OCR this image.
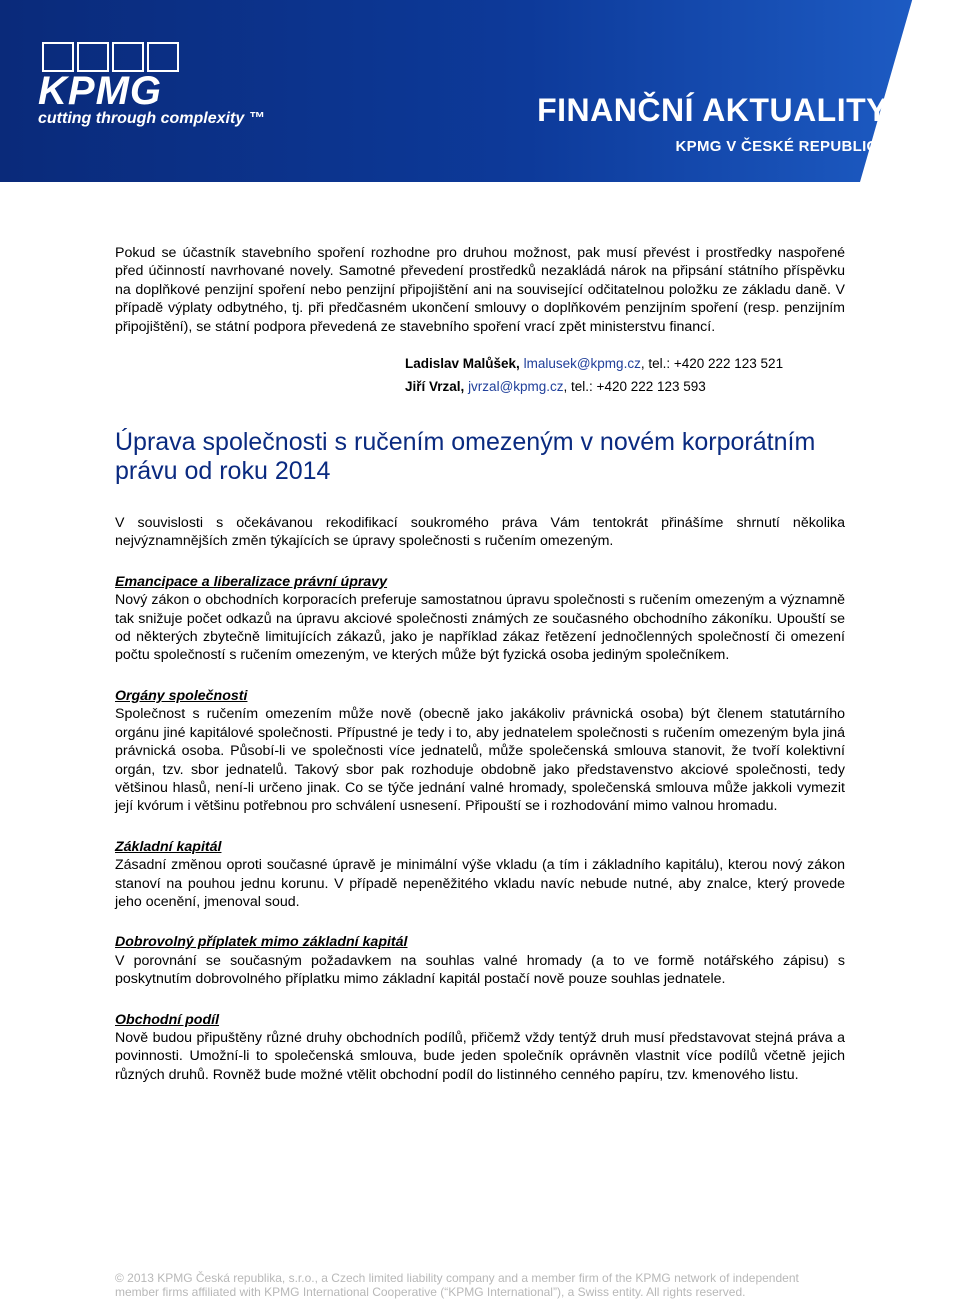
KPMG
cutting through complexity ™	FINANČNÍ AKTUALITY
KPMG V ČESKÉ REPUBLICE

Pokud se účastník stavebního spoření rozhodne pro druhou možnost, pak musí převést i prostředky naspořené před účinností navrhované novely. Samotné převedení prostředků nezakládá nárok na připsání státního příspěvku na doplňkové penzijní spoření nebo penzijní připojištění ani na související odčitatelnou položku ze základu daně. V případě výplaty odbytného, tj. při předčasném ukončení smlouvy o doplňkovém penzijním spoření (resp. penzijním připojištění), se státní podpora převedená ze stavebního spoření vrací zpět ministerstvu financí.

Ladislav Malůšek, lmalusek@kpmg.cz, tel.: +420 222 123 521
Jiří Vrzal, jvrzal@kpmg.cz, tel.: +420 222 123 593
Úprava společnosti s ručením omezeným v novém korporátním právu od roku 2014

V souvislosti s očekávanou rekodifikací soukromého práva Vám tentokrát přinášíme shrnutí několika nejvýznamnějších změn týkajících se úpravy společnosti s ručením omezeným.

Emancipace a liberalizace právní úpravy

Nový zákon o obchodních korporacích preferuje samostatnou úpravu společnosti s ručením omezeným a významně tak snižuje počet odkazů na úpravu akciové společnosti známých ze současného obchodního zákoníku. Upouští se od některých zbytečně limitujících zákazů, jako je například zákaz řetězení jednočlenných společností či omezení počtu společností s ručením omezeným, ve kterých může být fyzická osoba jediným společníkem.

Orgány společnosti

Společnost s ručením omezením může nově (obecně jako jakákoliv právnická osoba) být členem statutárního orgánu jiné kapitálové společnosti. Přípustné je tedy i to, aby jednatelem společnosti s ručením omezeným byla jiná právnická osoba. Působí-li ve společnosti více jednatelů, může společenská smlouva stanovit, že tvoří kolektivní orgán, tzv. sbor jednatelů. Takový sbor pak rozhoduje obdobně jako představenstvo akciové společnosti, tedy většinou hlasů, není-li určeno jinak. Co se týče jednání valné hromady, společenská smlouva může jakkoli vymezit její kvórum i většinu potřebnou pro schválení usnesení. Připouští se i rozhodování mimo valnou hromadu.

Základní kapitál

Zásadní změnou oproti současné úpravě je minimální výše vkladu (a tím i základního kapitálu), kterou nový zákon stanoví na pouhou jednu korunu. V případě nepeněžitého vkladu navíc nebude nutné, aby znalce, který provede jeho ocenění, jmenoval soud.

Dobrovolný příplatek mimo základní kapitál

V porovnání se současným požadavkem na souhlas valné hromady (a to ve formě notářského zápisu) s poskytnutím dobrovolného příplatku mimo základní kapitál postačí nově pouze souhlas jednatele.

Obchodní podíl

Nově budou připuštěny různé druhy obchodních podílů, přičemž vždy tentýž druh musí představovat stejná práva a povinnosti. Umožní-li to společenská smlouva, bude jeden společník oprávněn vlastnit více podílů včetně jejich různých druhů. Rovněž bude možné vtělit obchodní podíl do listinného cenného papíru, tzv. kmenového listu.

© 2013 KPMG Česká republika, s.r.o., a Czech limited liability company and a member firm of the KPMG network of independent
member firms affiliated with KPMG International Cooperative (“KPMG International”), a Swiss entity. All rights reserved.
